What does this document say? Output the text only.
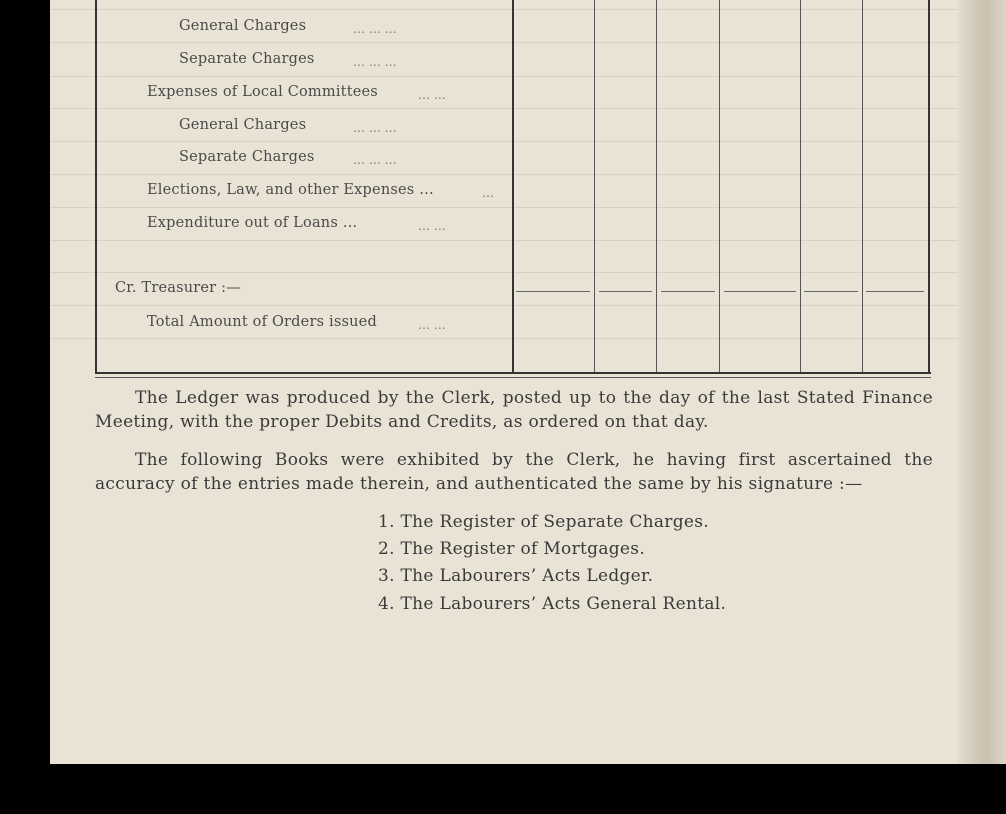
General Charges	… … …
Separate Charges	… … …
Expenses of Local Committees	… …
General Charges	… … …
Separate Charges	… … …
Elections, Law, and other Expenses …	…
Expenditure out of Loans …	… …
Cr. Treasurer :—
Total Amount of Orders issued	… …
The Ledger was produced by the Clerk, posted up to the day of the last Stated Finance Meeting, with the proper Debits and Credits, as ordered on that day.
The following Books were exhibited by the Clerk, he having first ascertained the accuracy of the entries made therein, and authenticated the same by his signature :—
1. The Register of Separate Charges.
2. The Register of Mortgages.
3. The Labourers’ Acts Ledger.
4. The Labourers’ Acts General Rental.
